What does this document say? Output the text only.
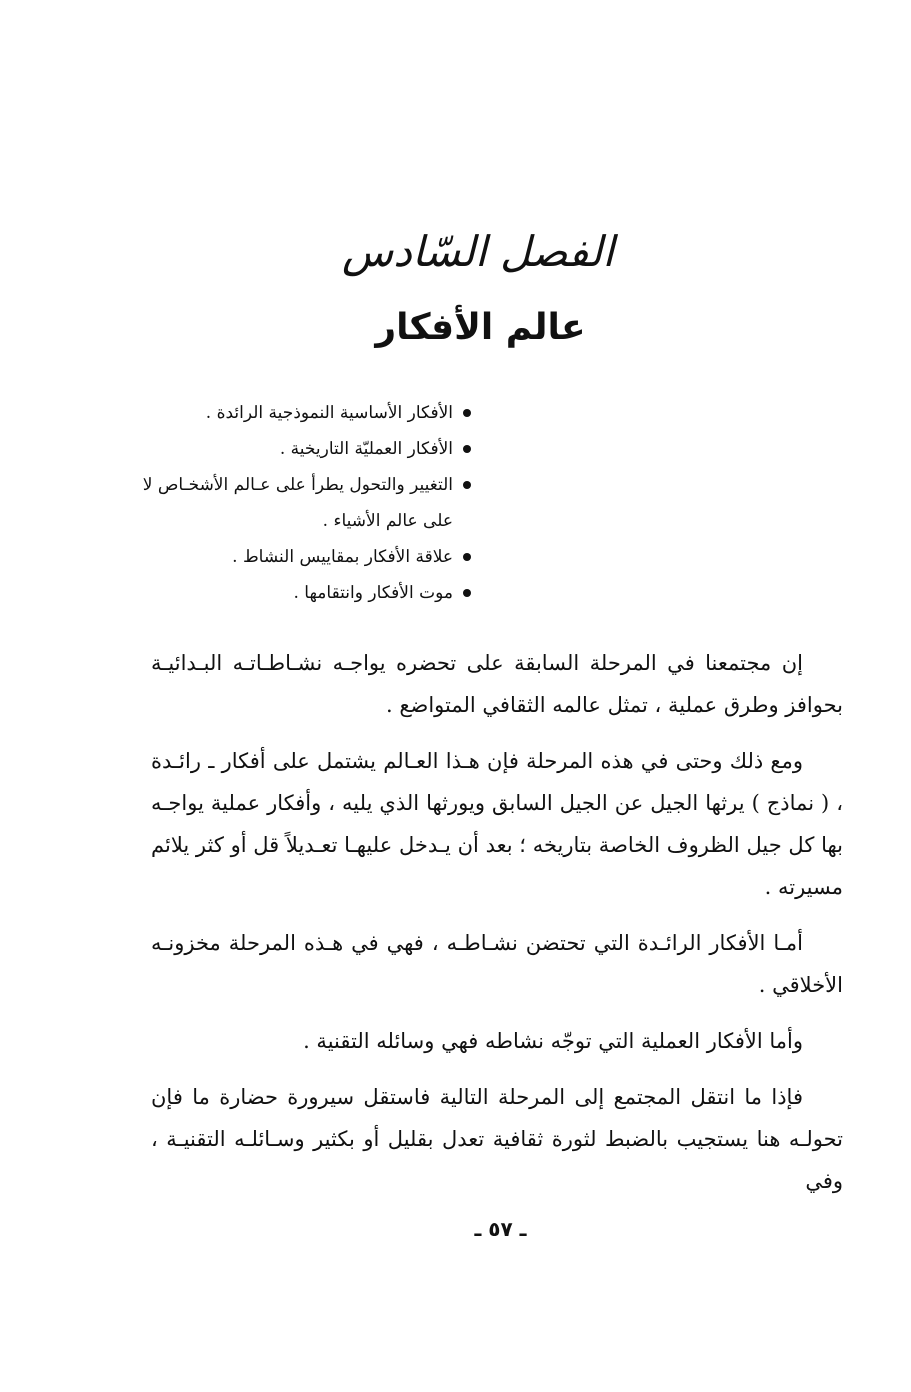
الفصل السّادس
عالم الأفكار
الأفكار الأساسية النموذجية الرائدة .
الأفكار العمليّة التاريخية .
التغيير والتحول يطرأ على عـالم الأشخـاص لا على عالم الأشياء .
علاقة الأفكار بمقاييس النشاط .
موت الأفكار وانتقامها .

إن مجتمعنا في المرحلة السابقة على تحضره يواجـه نشـاطـاتـه البـدائيـة بحوافز وطرق عملية ، تمثل عالمه الثقافي المتواضع .

ومع ذلك وحتى في هذه المرحلة فإن هـذا العـالم يشتمل على أفكار ـ رائـدة ، ( نماذج ) يرثها الجيل عن الجيل السابق ويورثها الذي يليه ، وأفكار عملية يواجـه بها كل جيل الظروف الخاصة بتاريخه ؛ بعد أن يـدخل عليهـا تعـديلاً قل أو كثر يلائم مسيرته .

أمـا الأفكار الرائـدة التي تحتضن نشـاطـه ، فهي في هـذه المرحلة مخزونـه الأخلاقي .

وأما الأفكار العملية التي توجّه نشاطه فهي وسائله التقنية .

فإذا ما انتقل المجتمع إلى المرحلة التالية فاستقل سيرورة حضارة ما فإن تحولـه هنا يستجيب بالضبط لثورة ثقافية تعدل بقليل أو بكثير وسـائلـه التقنيـة ، وفي

ـ ٥٧ ـ
